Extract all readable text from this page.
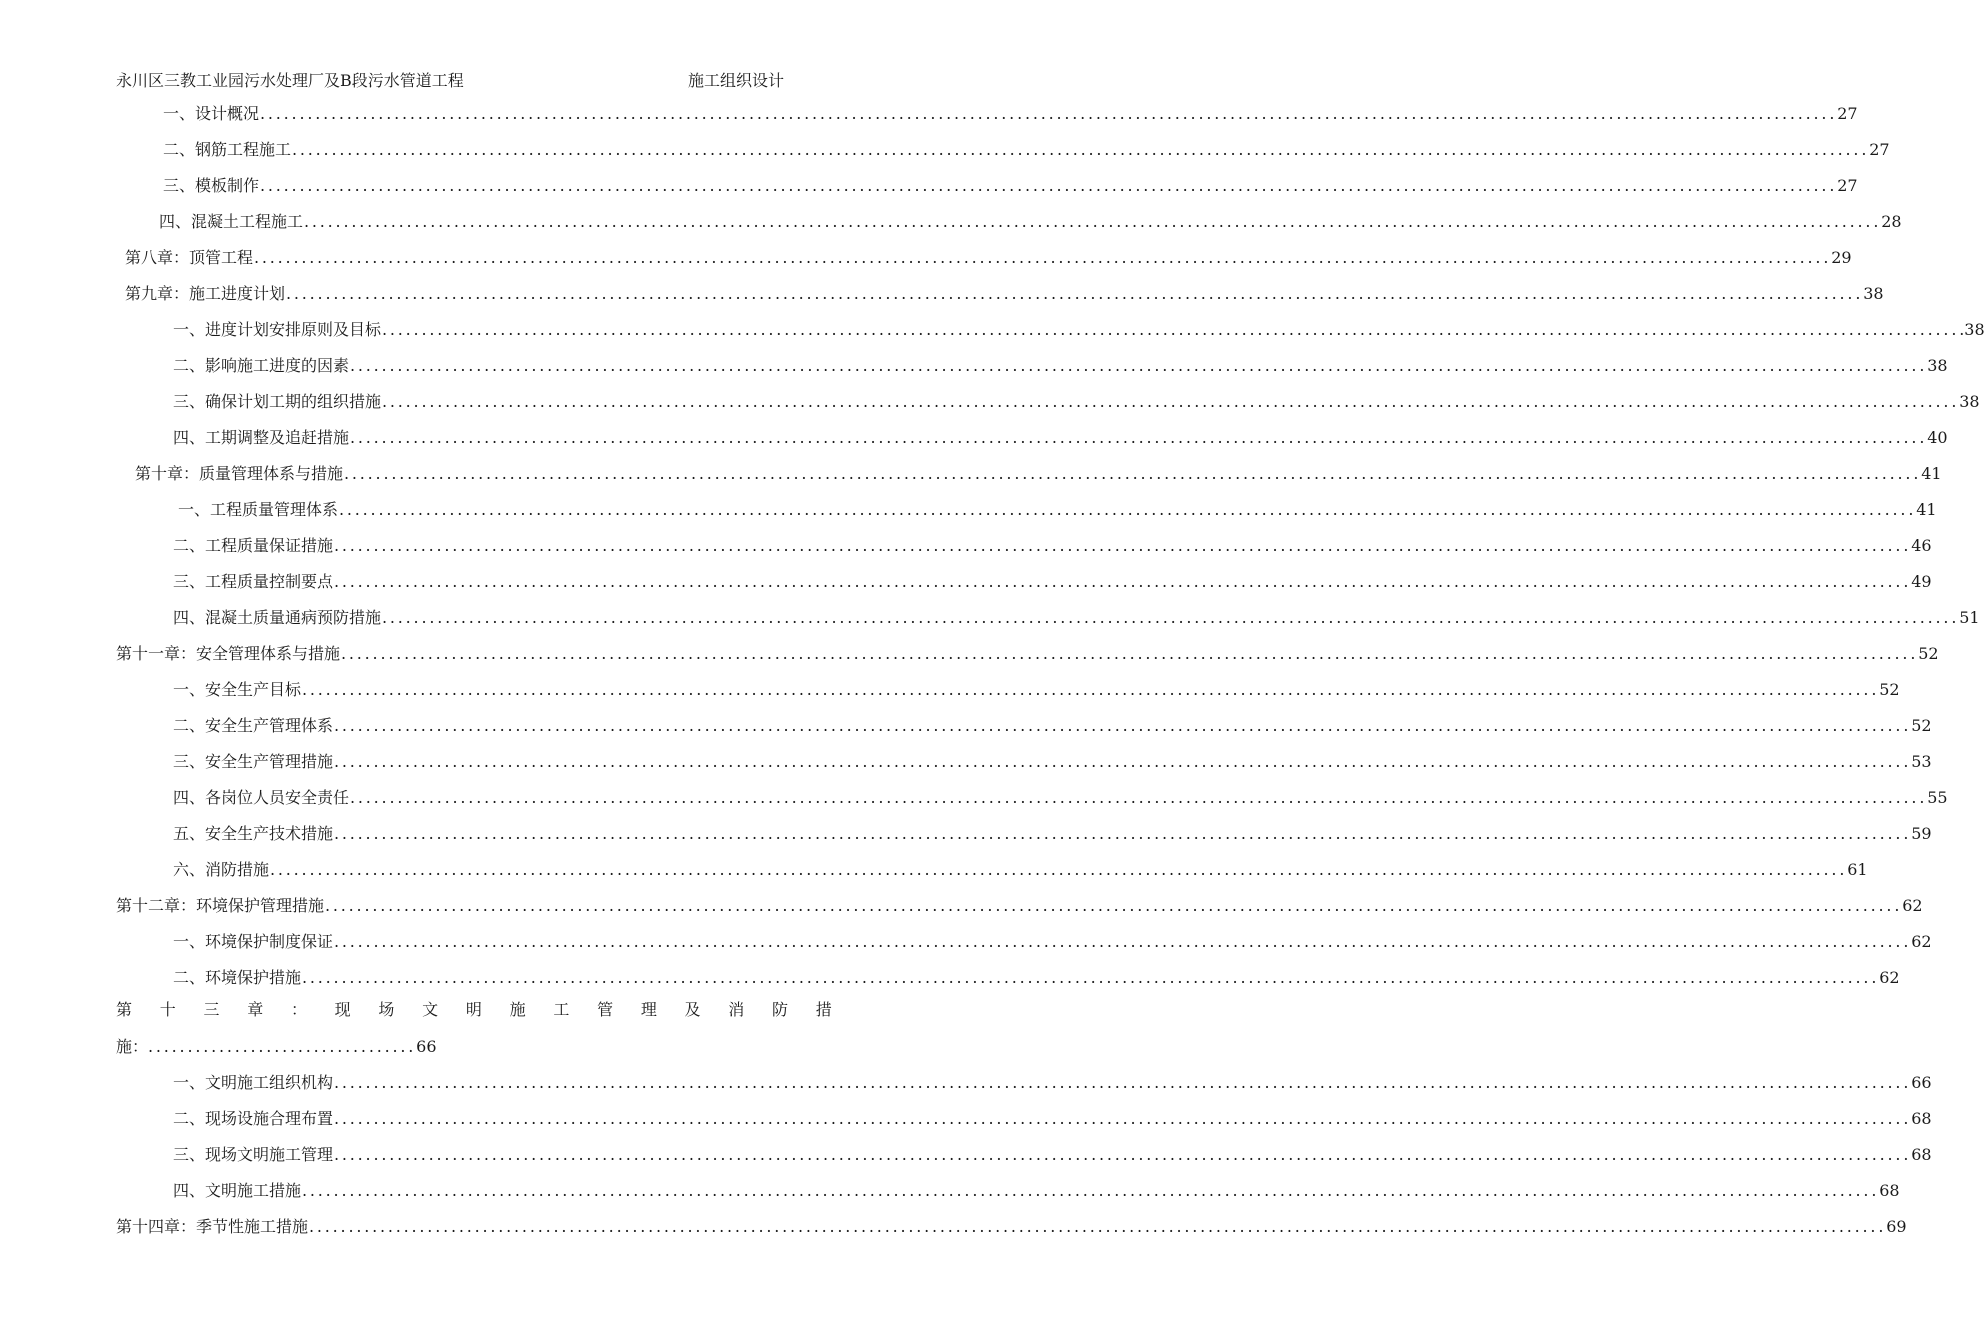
永川区三教工业园污水处理厂及B段污水管道工程	施工组织设计
一、设计概况 ........................................................................................................................................................................................................ 27
二、钢筋工程施工 ........................................................................................................................................................................................................ 27
三、模板制作 ........................................................................................................................................................................................................ 27
四、混凝土工程施工 ........................................................................................................................................................................................................ 28
第八章：顶管工程 ........................................................................................................................................................................................................ 29
第九章：施工进度计划 ........................................................................................................................................................................................................ 38
一、进度计划安排原则及目标 ........................................................................................................................................................................................................ .38
二、影响施工进度的因素 ........................................................................................................................................................................................................ 38
三、确保计划工期的组织措施 ........................................................................................................................................................................................................ 38
四、工期调整及追赶措施 ........................................................................................................................................................................................................ 40
第十章：质量管理体系与措施 ........................................................................................................................................................................................................ 41
一、工程质量管理体系 ........................................................................................................................................................................................................ 41
二、工程质量保证措施 ........................................................................................................................................................................................................ 46
三、工程质量控制要点 ........................................................................................................................................................................................................ 49
四、混凝土质量通病预防措施 ........................................................................................................................................................................................................ 51
第十一章：安全管理体系与措施 ........................................................................................................................................................................................................ 52
一、安全生产目标 ........................................................................................................................................................................................................ 52
二、安全生产管理体系 ........................................................................................................................................................................................................ 52
三、安全生产管理措施 ........................................................................................................................................................................................................ 53
四、各岗位人员安全责任 ........................................................................................................................................................................................................ 55
五、安全生产技术措施 ........................................................................................................................................................................................................ 59
六、消防措施 ........................................................................................................................................................................................................ 61
第十二章：环境保护管理措施 ........................................................................................................................................................................................................ 62
一、环境保护制度保证 ........................................................................................................................................................................................................ 62
二、环境保护措施 ........................................................................................................................................................................................................ 62
第 十 三 章 ： 现 场 文 明 施 工 管 理 及 消 防 措
施：..................................66
一、文明施工组织机构 ........................................................................................................................................................................................................ 66
二、现场设施合理布置 ........................................................................................................................................................................................................ 68
三、现场文明施工管理 ........................................................................................................................................................................................................ 68
四、文明施工措施 ........................................................................................................................................................................................................ 68
第十四章：季节性施工措施 ........................................................................................................................................................................................................ 69
